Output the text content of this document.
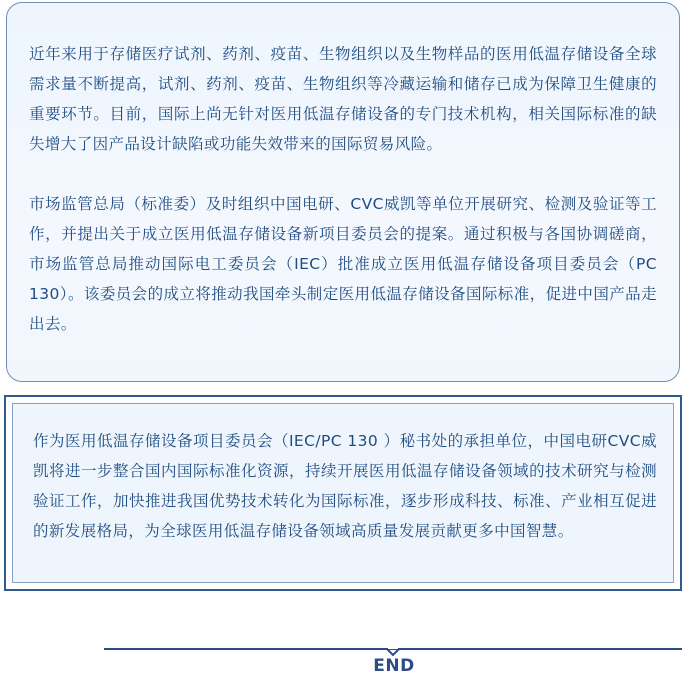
近年来用于存储医疗试剂、药剂、疫苗、生物组织以及生物样品的医用低温存储设备全球需求量不断提高，试剂、药剂、疫苗、生物组织等冷藏运输和储存已成为保障卫生健康的重要环节。目前，国际上尚无针对医用低温存储设备的专门技术机构，相关国际标准的缺失增大了因产品设计缺陷或功能失效带来的国际贸易风险。

市场监管总局（标准委）及时组织中国电研、CVC威凯等单位开展研究、检测及验证等工作，并提出关于成立医用低温存储设备新项目委员会的提案。通过积极与各国协调磋商，市场监管总局推动国际电工委员会（IEC）批准成立医用低温存储设备项目委员会（PC 130）。该委员会的成立将推动我国牵头制定医用低温存储设备国际标准，促进中国产品走出去。

作为医用低温存储设备项目委员会（IEC/PC 130 ）秘书处的承担单位，中国电研CVC威凯将进一步整合国内国际标准化资源，持续开展医用低温存储设备领域的技术研究与检测验证工作，加快推进我国优势技术转化为国际标准，逐步形成科技、标准、产业相互促进的新发展格局，为全球医用低温存储设备领域高质量发展贡献更多中国智慧。

END
